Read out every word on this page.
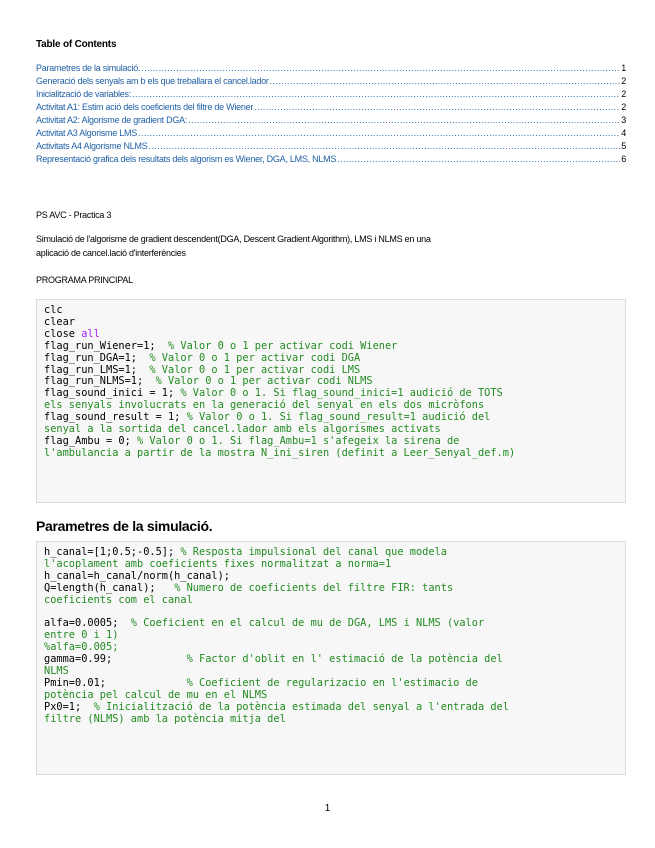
Table of Contents
Parametres de la simulació. .....	1
Generació dels senyals am b els que treballara el cancel.lador .....	2
Inicialització de variables: .....	2
Activitat A1: Estim ació dels coeficients del filtre de Wiener .....	2
Activitat A2: Algorisme de gradient DGA: .....	3
Activitat A3 Algorisme LMS .....	4
Activitats A4 Algorisme NLMS .....	5
Representació grafica dels resultats dels algorism es Wiener, DGA, LMS, NLMS .....	6
PS AVC - Practica 3
Simulació de l'algorisme de gradient descendent(DGA, Descent Gradient Algorithm), LMS i NLMS en una
aplicació de cancel.lació d'interferències
PROGRAMA PRINCIPAL
clc
clear
close all
flag_run_Wiener=1;  % Valor 0 o 1 per activar codi Wiener
flag_run_DGA=1;  % Valor 0 o 1 per activar codi DGA
flag_run_LMS=1;  % Valor 0 o 1 per activar codi LMS
flag_run_NLMS=1;  % Valor 0 o 1 per activar codi NLMS
flag_sound_inici = 1; % Valor 0 o 1. Si flag_sound_inici=1 audició de TOTS
els senyals involucrats en la generació del senyal en els dos micròfons
flag_sound_result = 1; % Valor 0 o 1. Si flag_sound_result=1 audició del
senyal a la sortida del cancel.lador amb els algorismes activats
flag_Ambu = 0; % Valor 0 o 1. Si flag_Ambu=1 s'afegeix la sirena de
l'ambulancia a partir de la mostra N_ini_siren (definit a Leer_Senyal_def.m)
Parametres de la simulació.
h_canal=[1;0.5;-0.5]; % Resposta impulsional del canal que modela
l'acoplament amb coeficients fixes normalitzat a norma=1
h_canal=h_canal/norm(h_canal);
Q=length(h_canal);   % Numero de coeficients del filtre FIR: tants
coeficients com el canal

alfa=0.0005;  % Coeficient en el calcul de mu de DGA, LMS i NLMS (valor
entre 0 i 1)
%alfa=0.005;
gamma=0.99;            % Factor d'oblit en l' estimació de la potència del
NLMS
Pmin=0.01;             % Coeficient de regularizacio en l'estimacio de
potència pel calcul de mu en el NLMS
Px0=1;  % Inicialització de la potència estimada del senyal a l'entrada del
filtre (NLMS) amb la potència mitja del
1
